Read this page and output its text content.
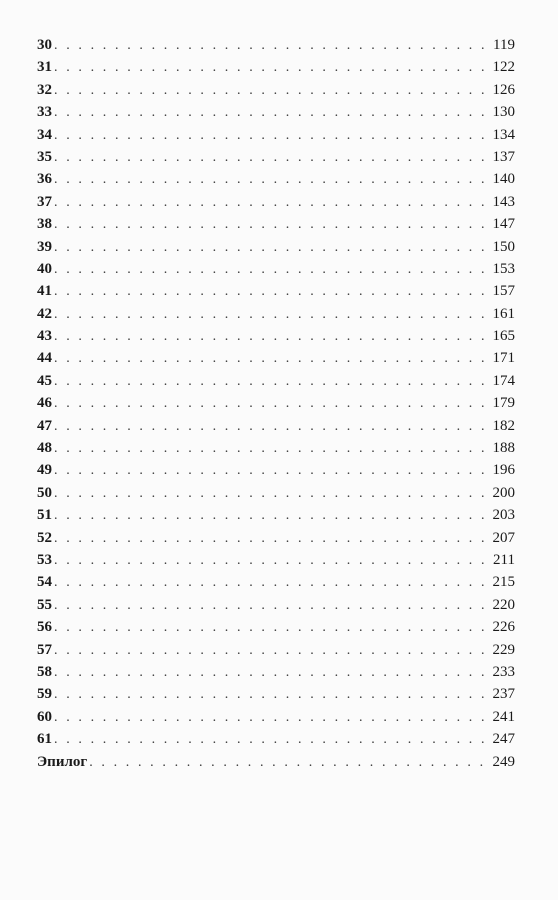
30 . . .	119
31 . . .	122
32 . . .	126
33 . . .	130
34 . . .	134
35 . . .	137
36 . . .	140
37 . . .	143
38 . . .	147
39 . . .	150
40 . . .	153
41 . . .	157
42 . . .	161
43 . . .	165
44 . . .	171
45 . . .	174
46 . . .	179
47 . . .	182
48 . . .	188
49 . . .	196
50 . . .	200
51 . . .	203
52 . . .	207
53 . . .	211
54 . . .	215
55 . . .	220
56 . . .	226
57 . . .	229
58 . . .	233
59 . . .	237
60 . . .	241
61 . . .	247
Эпилог . . .	249
